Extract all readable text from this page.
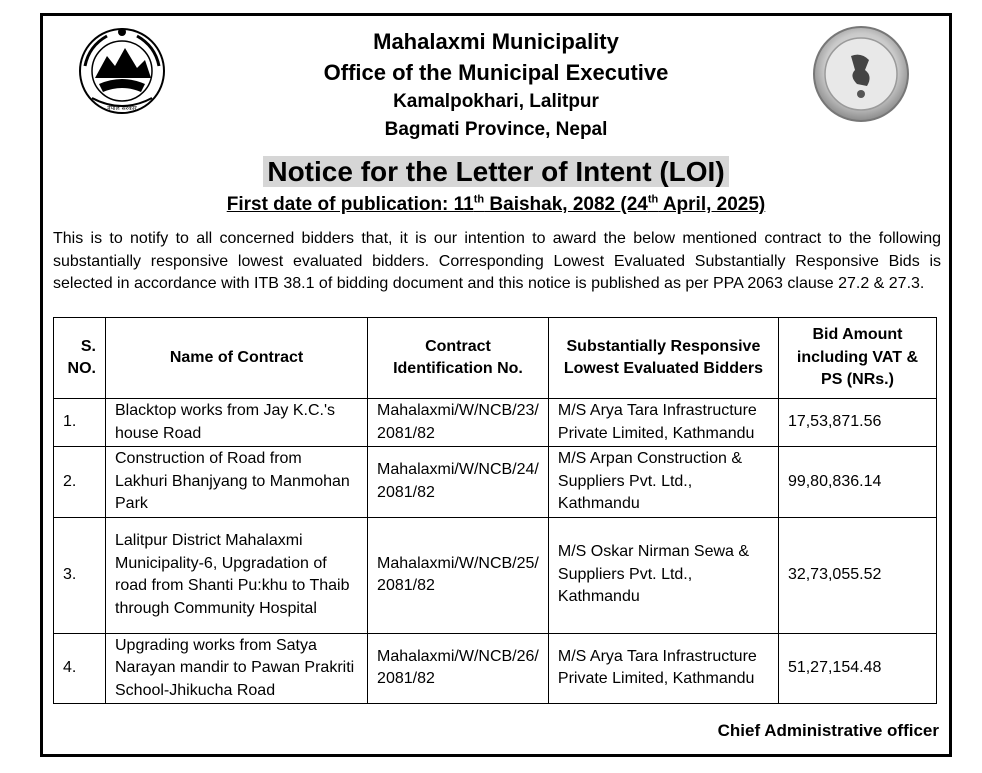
नेपाल सरकार
Mahalaxmi Municipality
Office of the Municipal Executive
Kamalpokhari, Lalitpur
Bagmati Province, Nepal
Notice for the Letter of Intent (LOI)
First date of publication: 11th Baishak, 2082 (24th April, 2025)
This is to notify to all concerned bidders that, it is our intention to award the below mentioned contract to the following substantially responsive lowest evaluated bidders. Corresponding Lowest Evaluated Substantially Responsive Bids is selected in accordance with ITB 38.1 of bidding document and this notice is published as per PPA 2063 clause 27.2 & 27.3.
S. NO.	Name of Contract	Contract Identification No.	Substantially Responsive Lowest Evaluated Bidders	Bid Amount including VAT & PS (NRs.)
1.	Blacktop works from Jay K.C.'s house Road	Mahalaxmi/W/NCB/23/ 2081/82	M/S Arya Tara Infrastructure Private Limited, Kathmandu	17,53,871.56
2.	Construction of Road from Lakhuri Bhanjyang to Manmohan Park	Mahalaxmi/W/NCB/24/ 2081/82	M/S Arpan Construction & Suppliers Pvt. Ltd., Kathmandu	99,80,836.14
3.	Lalitpur District Mahalaxmi Municipality-6, Upgradation of road from Shanti Pu:khu to Thaib through Community Hospital	Mahalaxmi/W/NCB/25/ 2081/82	M/S Oskar Nirman Sewa & Suppliers Pvt. Ltd., Kathmandu	32,73,055.52
4.	Upgrading works from Satya Narayan mandir to Pawan Prakriti School-Jhikucha Road	Mahalaxmi/W/NCB/26/ 2081/82	M/S Arya Tara Infrastructure Private Limited, Kathmandu	51,27,154.48
Chief Administrative officer
